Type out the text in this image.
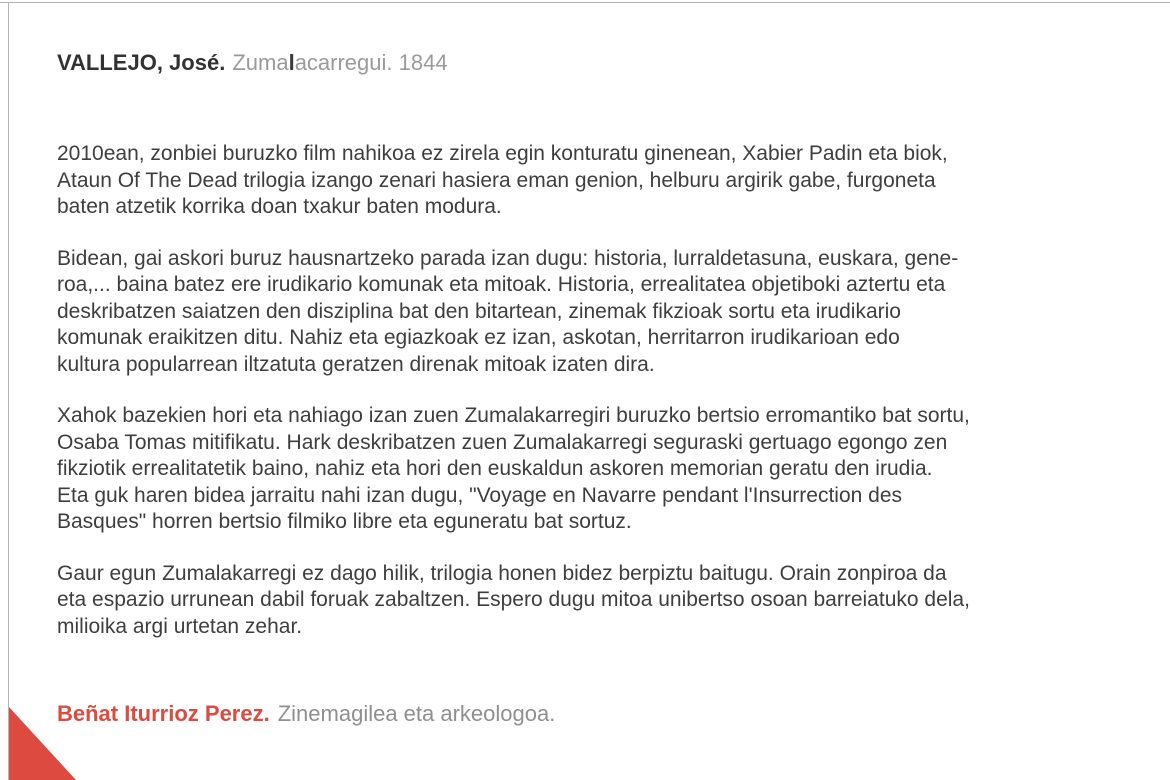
VALLEJO, José. Zumalacarregui. 1844
2010ean, zonbiei buruzko film nahikoa ez zirela egin konturatu ginenean, Xabier Padin eta biok,
Ataun Of The Dead trilogia izango zenari hasiera eman genion, helburu argirik gabe, furgoneta
baten atzetik korrika doan txakur baten modura.
Bidean, gai askori buruz hausnartzeko parada izan dugu: historia, lurraldetasuna, euskara, gene-
roa,... baina batez ere irudikario komunak eta mitoak. Historia, errealitatea objetiboki aztertu eta
deskribatzen saiatzen den disziplina bat den bitartean, zinemak fikzioak sortu eta irudikario
komunak eraikitzen ditu. Nahiz eta egiazkoak ez izan, askotan, herritarron irudikarioan edo
kultura popularrean iltzatuta geratzen direnak mitoak izaten dira.
Xahok bazekien hori eta nahiago izan zuen Zumalakarregiri buruzko bertsio erromantiko bat sortu,
Osaba Tomas mitifikatu. Hark deskribatzen zuen Zumalakarregi seguraski gertuago egongo zen
fikziotik errealitatetik baino, nahiz eta hori den euskaldun askoren memorian geratu den irudia.
Eta guk haren bidea jarraitu nahi izan dugu, "Voyage en Navarre pendant l'Insurrection des
Basques" horren bertsio filmiko libre eta eguneratu bat sortuz.
Gaur egun Zumalakarregi ez dago hilik, trilogia honen bidez berpiztu baitugu. Orain zonpiroa da
eta espazio urrunean dabil foruak zabaltzen. Espero dugu mitoa unibertso osoan barreiatuko dela,
milioika argi urtetan zehar.
Beñat Iturrioz Perez. Zinemagilea eta arkeologoa.
